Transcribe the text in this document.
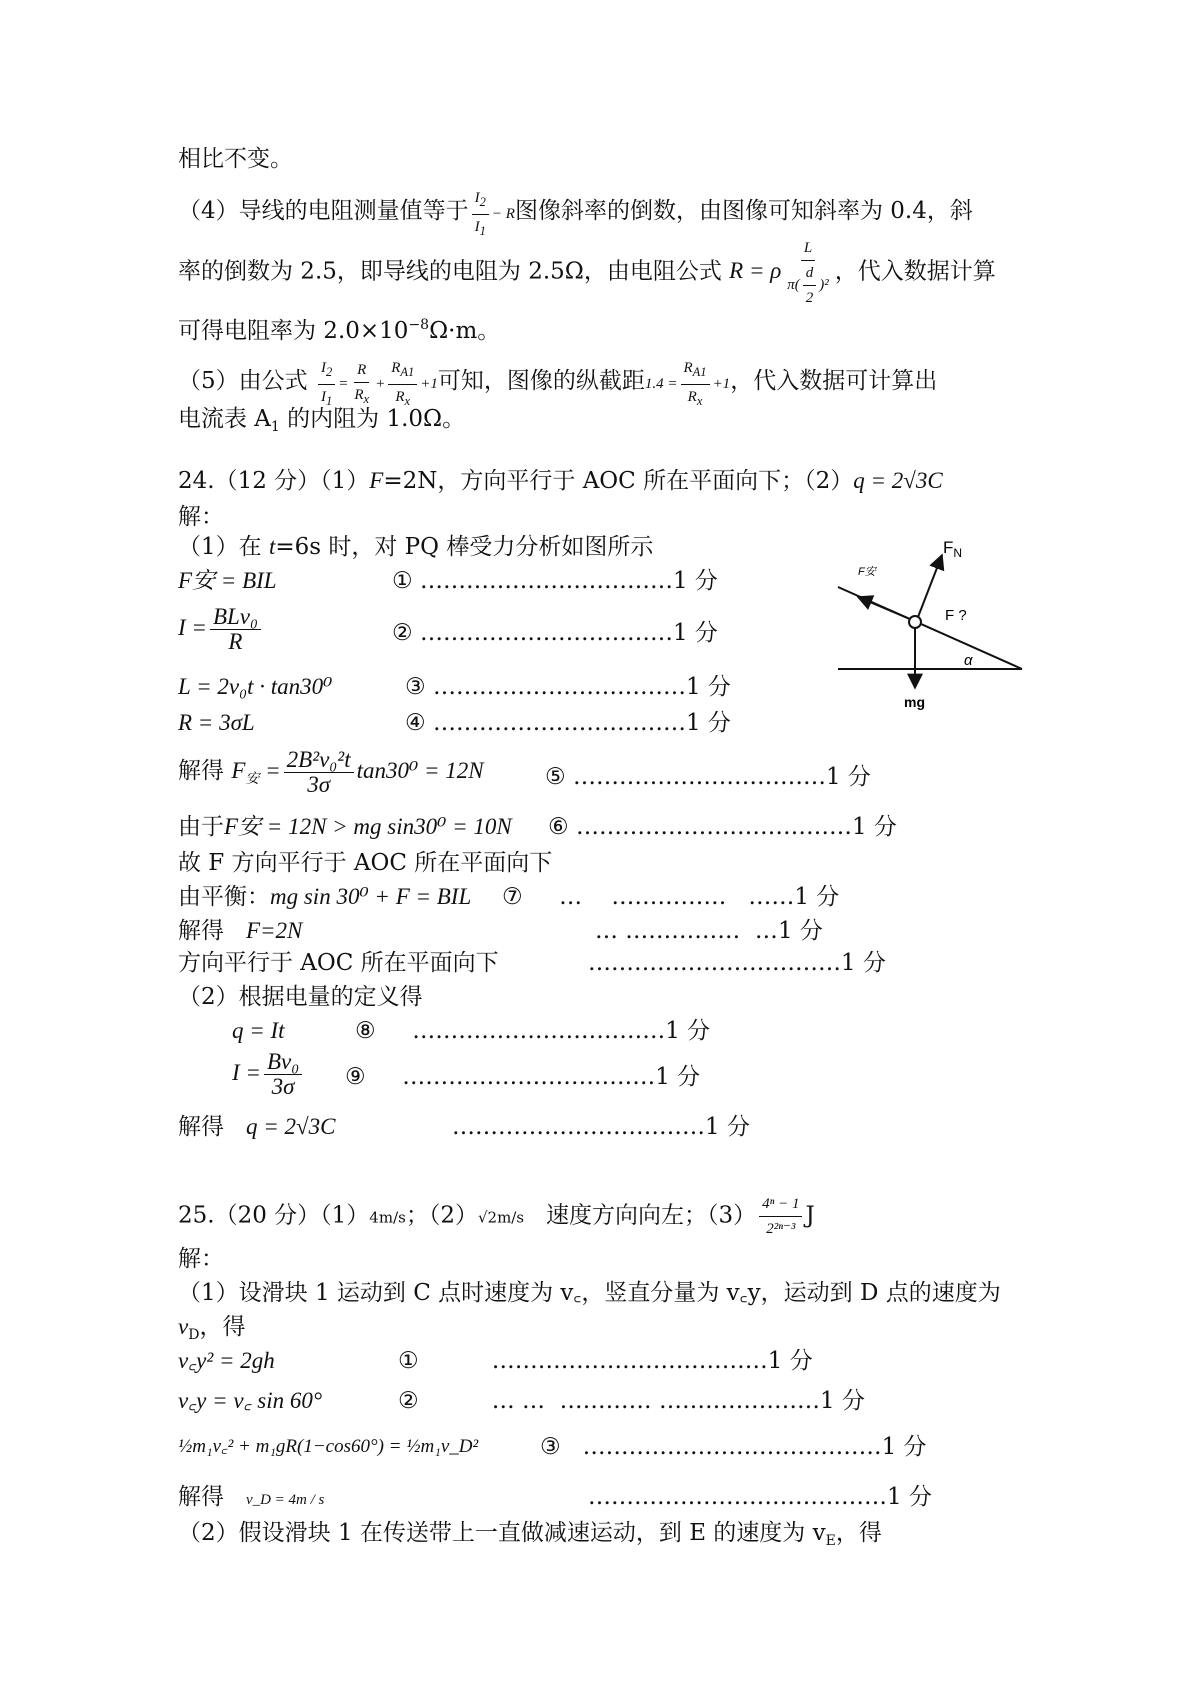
相比不变。
（4）导线的电阻测量值等于 $\frac{I_2}{I_1} - R$图像斜率的倒数，由图像可知斜率为 0.4，斜
率的倒数为 2.5，即导线的电阻为 2.5Ω，由电阻公式 R = ρ $\frac{L}{\pi( \frac{d}{2} )^2}$ ，代入数据计算
可得电阻率为 $2.0\times 10^{-8}\Omega\cdot m$。
（5）由公式 $\frac{I_2}{I_1} = \frac{R}{R_x} + \frac{R_{A1}}{R_x} +1$可知，图像的纵截距$1.4 = \frac{R_{A1}}{R_x} +1$，代入数据可计算出
电流表 $A_1$ 的内阻为 1.0Ω。
24.（12 分）（1）F=2N，方向平行于 AOC 所在平面向下；（2）q = 2√3C
解：
（1）在 t=6s 时，对 PQ 棒受力分析如图所示
F安 = BIL	① ……………………………1 分
$I = \frac{\text{BLv₀}}{R}$	② ……………………………1 分
L = 2v₀t · tan30⁰	③ ……………………………1 分
R = 3σL	④ ……………………………1 分
解得 $F_安 = \frac{\text{2B²v₀²t}}{3\sigma} \tan 30^0 = 12N$	⑤ ……………………………1 分
由于F安 = 12N > mg sin30⁰ = 10N ⑥ ………………………………1 分
故 F 方向平行于 AOC 所在平面向下
由平衡：mg sin 30⁰ + F = BIL ⑦     …    ……………   ……1 分
解得 F=2N	… ……………  …1 分
方向平行于 AOC 所在平面向下	……………………………1 分
（2）根据电量的定义得
q = It	⑧ ……………………………1 分
$I = \frac{\text{Bv₀}}{3\sigma}$ ⑨ ……………………………1 分
解得 q = 2√3C	……………………………1 分
$F_N$
F安
F ?
mg
α
25.（20 分）（1）4m/s；（2）√2m/s 速度方向向左；$(3) \frac{\text{4ⁿ − 1}}{\text{2²ⁿ⁻³}}$ J
解：
（1）设滑块 1 运动到 C 点时速度为 v꜀，竖直分量为 v꜀y，运动到 D 点的速度为
$v_D$，得
v꜀y² = 2gh	①	………………………………1 分
v꜀y = v꜀ sin 60°	②	… …  ………… …………………1 分
½m₁v꜀² + m₁gR(1−cos60°) = ½m₁v_D²	③ …………………………………1 分
解得 v_D = 4m / s	…………………………………1 分
（2）假设滑块 1 在传送带上一直做减速运动，到 E 的速度为 $v_E$，得
